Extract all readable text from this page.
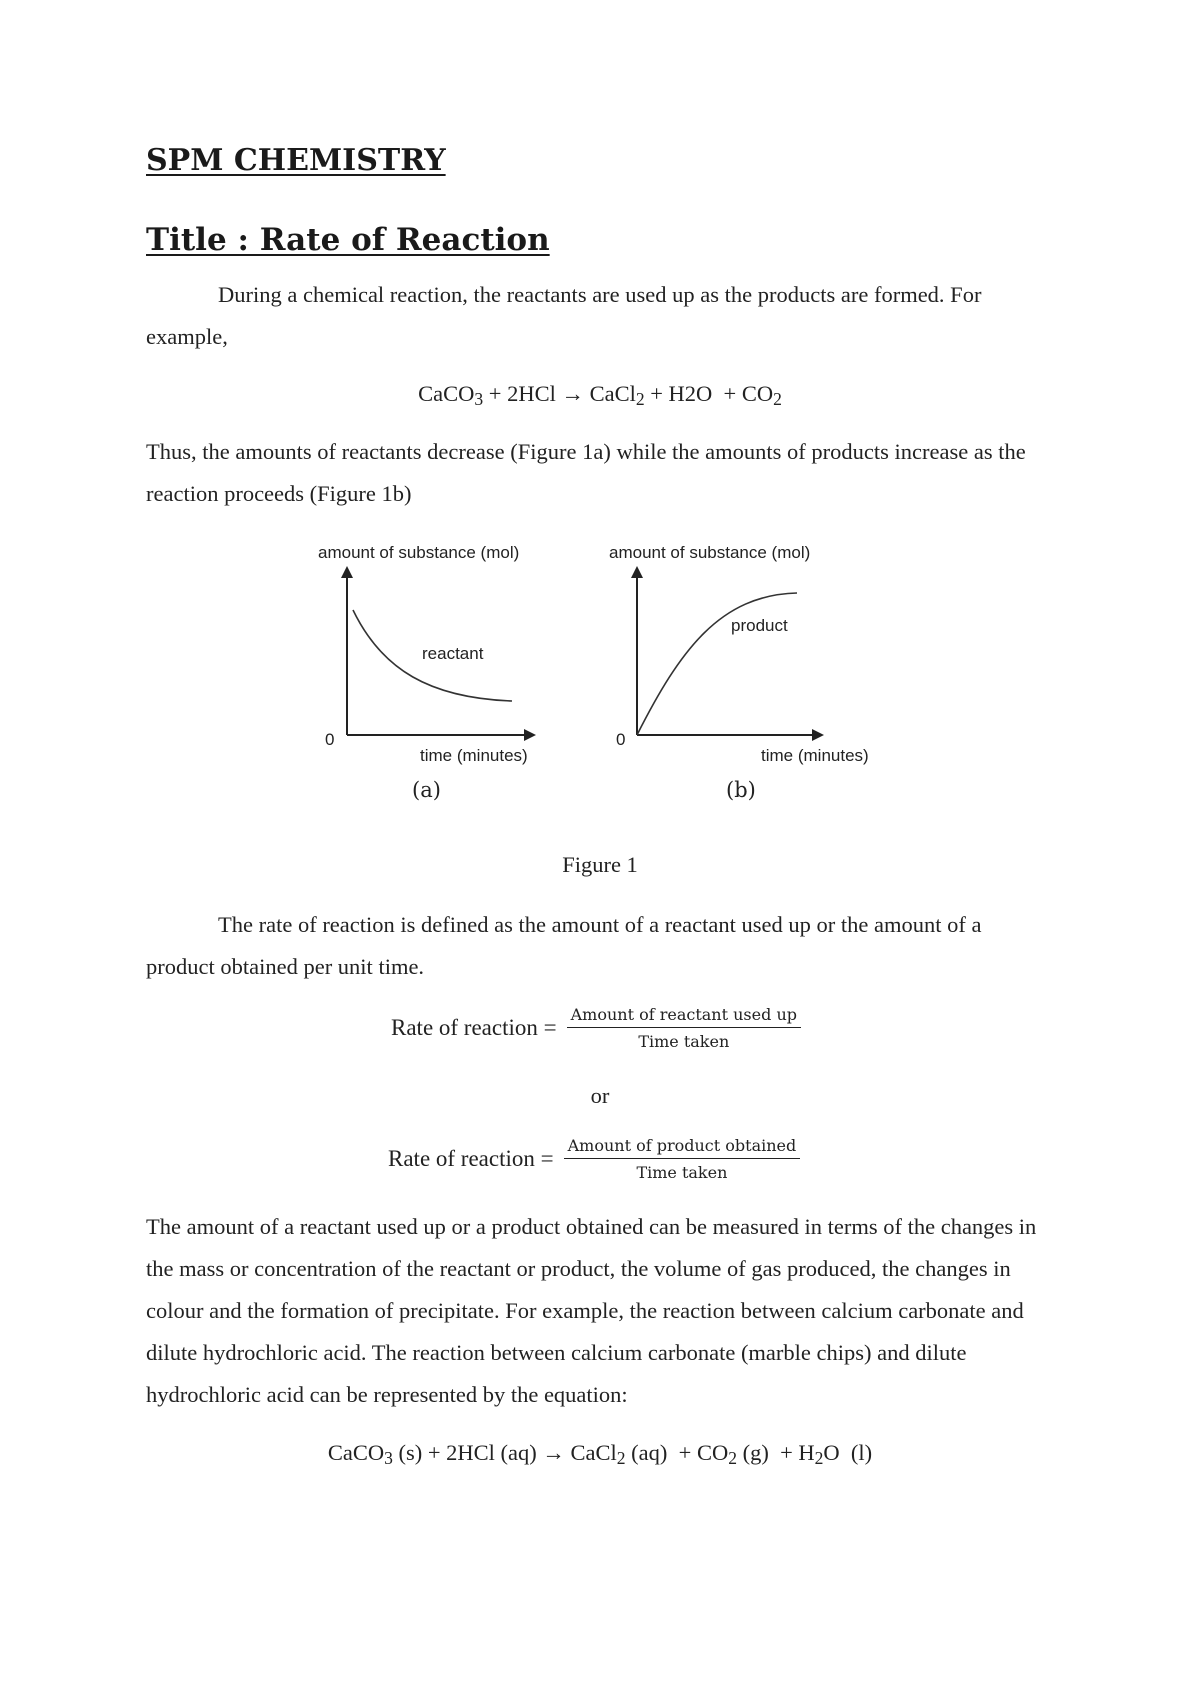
SPM CHEMISTRY
Title : Rate of Reaction
During a chemical reaction, the reactants are used up as the products are formed. For example,
CaCO$_3$ + 2HCl → CaCl$_2$ + $H2O + CO_2$
Thus, the amounts of reactants decrease (Figure 1a) while the amounts of products increase as the reaction proceeds (Figure 1b)
amount of substance (mol)
0
time (minutes)
reactant
(a)
amount of substance (mol)
0
time (minutes)
product
(b)
Figure 1
The rate of reaction is defined as the amount of a reactant used up or the amount of a product obtained per unit time.
Rate of reaction = $\frac{\text{Amount of reactant used up}}{\text{Time taken}}$
or
Rate of reaction = $\frac{\text{Amount of product obtained}}{\text{Time taken}}$
The amount of a reactant used up or a product obtained can be measured in terms of the changes in the mass or concentration of the reactant or product, the volume of gas produced, the changes in colour and the formation of precipitate. For example, the reaction between calcium carbonate and dilute hydrochloric acid. The reaction between calcium carbonate (marble chips) and dilute hydrochloric acid can be represented by the equation:
CaCO$_3$ (s) + 2HCl (aq) → CaCl$_2$ $(aq) + CO_2$ $(g) + H_2O$  (l)
